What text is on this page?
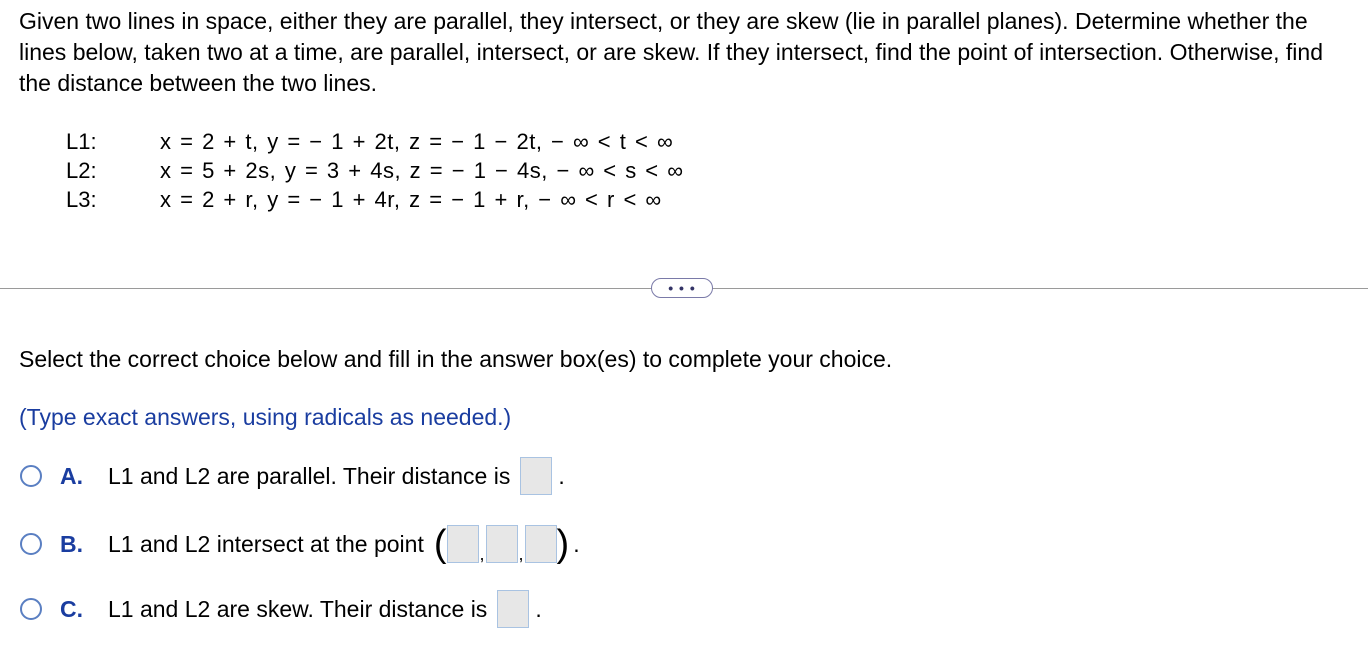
Given two lines in space, either they are parallel, they intersect, or they are skew (lie in parallel planes). Determine whether the lines below, taken two at a time, are parallel, intersect, or are skew. If they intersect, find the point of intersection. Otherwise, find the distance between the two lines.

L1:	x = 2 + t, y = − 1 + 2t, z = − 1 − 2t, − ∞ < t < ∞
L2:	x = 5 + 2s, y = 3 + 4s, z = − 1 − 4s, − ∞ < s < ∞
L3:	x = 2 + r, y = − 1 + 4r, z = − 1 + r, − ∞ < r < ∞
• • •
Select the correct choice below and fill in the answer box(es) to complete your choice.
(Type exact answers, using radicals as needed.)
A.	L1 and L2 are parallel. Their distance is .
B.	L1 and L2 intersect at the point ( , , ) .
C.	L1 and L2 are skew. Their distance is .
